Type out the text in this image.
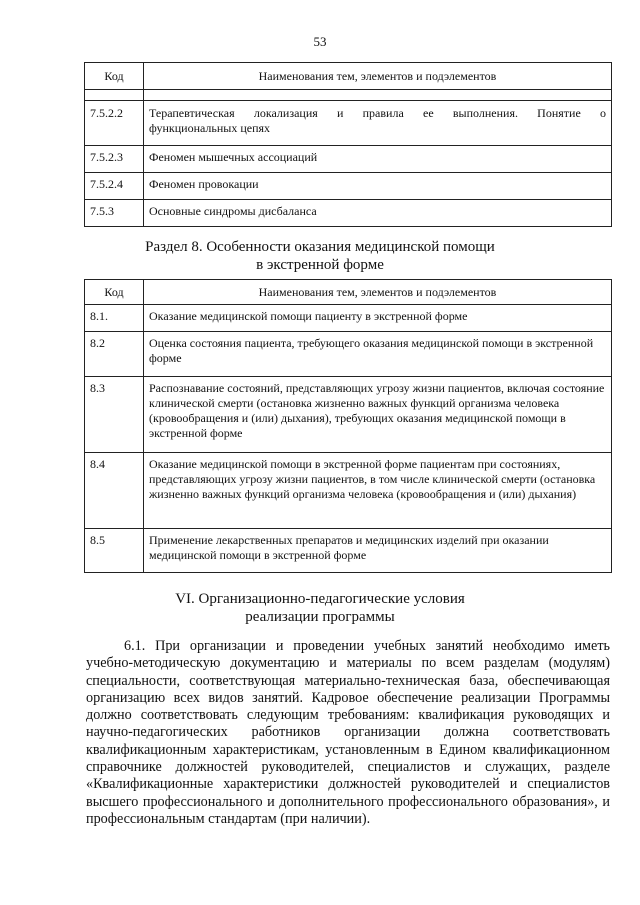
53
Код	Наименования тем, элементов и подэлементов

7.5.2.2	Терапевтическая локализация и правила ее выполнения. Понятие о
функциональных цепях

7.5.2.3	Феномен мышечных ассоциаций
7.5.2.4	Феномен провокации
7.5.3	Основные синдромы дисбаланса
Раздел 8. Особенности оказания медицинской помощи
в экстренной форме
Код	Наименования тем, элементов и подэлементов
8.1.	Оказание медицинской помощи пациенту в экстренной форме
8.2	Оценка состояния пациента, требующего оказания медицинской помощи в экстренной форме
8.3	Распознавание состояний, представляющих угрозу жизни пациентов, включая состояние клинической смерти (остановка жизненно важных функций организма человека (кровообращения и (или) дыхания), требующих оказания медицинской помощи в экстренной форме
8.4	Оказание медицинской помощи в экстренной форме пациентам при состояниях, представляющих угрозу жизни пациентов, в том числе клинической смерти (остановка жизненно важных функций организма человека (кровообращения и (или) дыхания)
8.5	Применение лекарственных препаратов и медицинских изделий при оказании медицинской помощи в экстренной форме
VI. Организационно-педагогические условия
реализации программы

6.1. При организации и проведении учебных занятий необходимо иметь учебно-методическую документацию и материалы по всем разделам (модулям) специальности, соответствующая материально-техническая база, обеспечивающая организацию всех видов занятий. Кадровое обеспечение реализации Программы должно соответствовать следующим требованиям: квалификация руководящих и научно-педагогических работников организации должна соответствовать квалификационным характеристикам, установленным в Едином квалификационном справочнике должностей руководителей, специалистов и служащих, разделе «Квалификационные характеристики должностей руководителей и специалистов высшего профессионального и дополнительного профессионального образования», и профессиональным стандартам (при наличии).
